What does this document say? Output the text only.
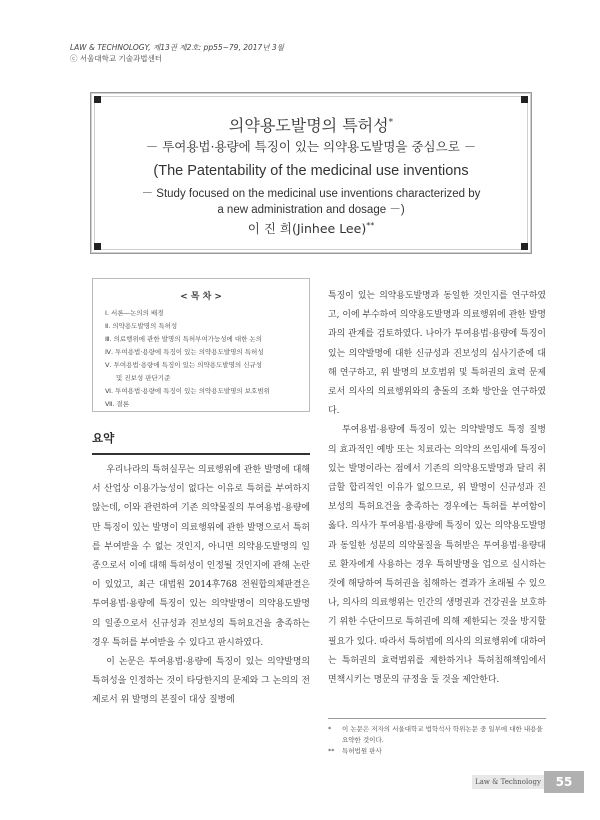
LAW & TECHNOLOGY, 제13권 제2호: pp55~79, 2017년 3월
ⓒ 서울대학교 기술과법센터
의약용도발명의 특허성*
－ 투여용법·용량에 특징이 있는 의약용도발명을 중심으로 －
(The Patentability of the medicinal use inventions
－ Study focused on the medicinal use inventions characterized by
a new administration and dosage －)
이 진 희(Jinhee Lee)**
< 목 차 >
Ⅰ. 서론—논의의 배경
Ⅱ. 의약용도발명의 특허성
Ⅲ. 의료행위에 관한 발명의 특허부여가능성에 대한 논의
Ⅳ. 투여용법·용량에 특징이 있는 의약용도발명의 특허성
Ⅴ. 투여용법·용량에 특징이 있는 의약용도발명의 신규성
및 진보성 판단기준
Ⅵ. 투여용법·용량에 특징이 있는 의약용도발명의 보호범위
Ⅶ. 결론
요약

우리나라의 특허실무는 의료행위에 관한 발명에 대해서 산업상 이용가능성이 없다는 이유로 특허를 부여하지 않는데, 이와 관련하여 기존 의약물질의 투여용법·용량에만 특징이 있는 발명이 의료행위에 관한 발명으로서 특허를 부여받을 수 없는 것인지, 아니면 의약용도발명의 일종으로서 이에 대해 특허성이 인정될 것인지에 관해 논란이 있었고, 최근 대법원 2014후768 전원합의체판결은 투여용법·용량에 특징이 있는 의약발명이 의약용도발명의 일종으로서 신규성과 진보성의 특허요건을 충족하는 경우 특허를 부여받을 수 있다고 판시하였다.

이 논문은 투여용법·용량에 특징이 있는 의약발명의 특허성을 인정하는 것이 타당한지의 문제와 그 논의의 전제로서 위 발명의 본질이 대상 질병에

특징이 있는 의약용도발명과 동일한 것인지를 연구하였고, 이에 부수하여 의약용도발명과 의료행위에 관한 발명과의 관계를 검토하였다. 나아가 투여용법·용량에 특징이 있는 의약발명에 대한 신규성과 진보성의 심사기준에 대해 연구하고, 위 발명의 보호범위 및 특허권의 효력 문제로서 의사의 의료행위와의 충돌의 조화 방안을 연구하였다.

투여용법·용량에 특징이 있는 의약발명도 특정 질병의 효과적인 예방 또는 치료라는 의약의 쓰임새에 특징이 있는 발명이라는 점에서 기존의 의약용도발명과 달리 취급할 합리적인 이유가 없으므로, 위 발명이 신규성과 진보성의 특허요건을 충족하는 경우에는 특허를 부여함이 옳다. 의사가 투여용법·용량에 특징이 있는 의약용도발명과 동일한 성분의 의약물질을 특허받은 투여용법·용량대로 환자에게 사용하는 경우 특허발명을 업으로 실시하는 것에 해당하여 특허권을 침해하는 결과가 초래될 수 있으나, 의사의 의료행위는 인간의 생명권과 건강권을 보호하기 위한 수단이므로 특허권에 의해 제한되는 것을 방지할 필요가 있다. 따라서 특허법에 의사의 의료행위에 대하여는 특허권의 효력범위를 제한하거나 특허침해책임에서 면책시키는 명문의 규정을 둘 것을 제안한다.

*	이 논문은 저자의 서울대학교 법학석사 학위논문 중 일부에 대한 내용을 요약한 것이다.
**	특허법원 판사
Law & Technology	55
